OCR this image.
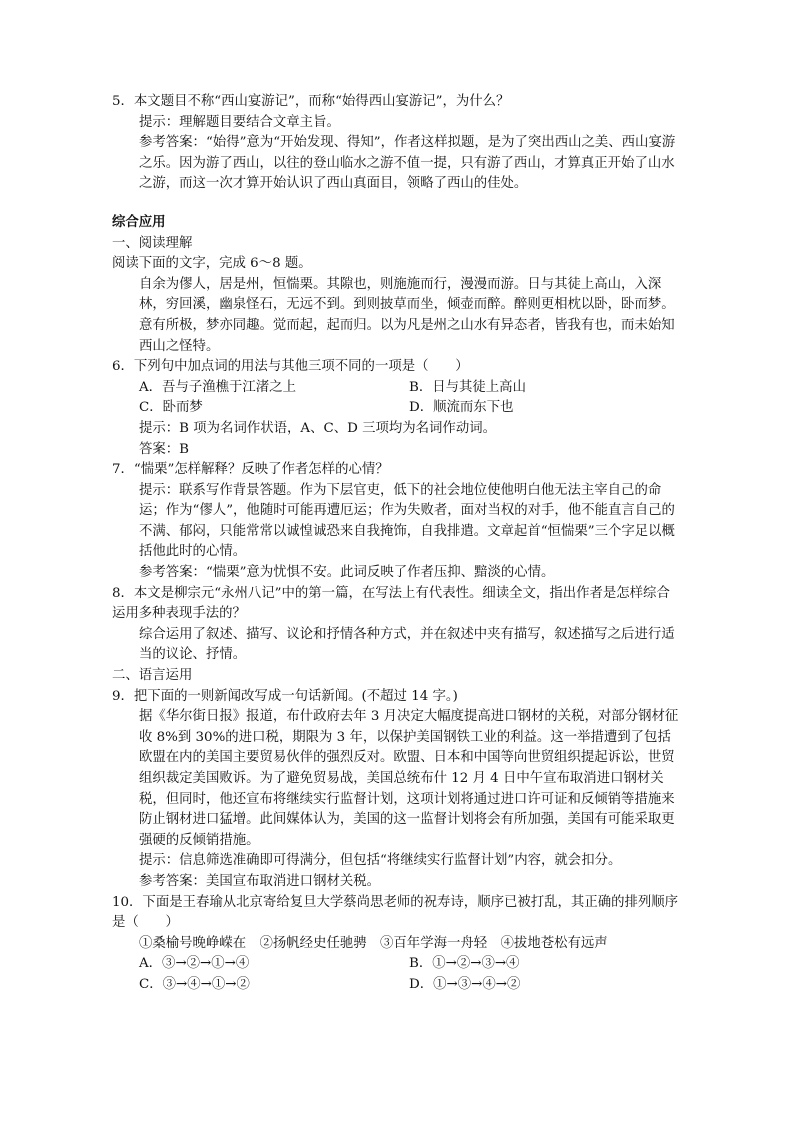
5．本文题目不称“西山宴游记”，而称“始得西山宴游记”，为什么？

提示：理解题目要结合文章主旨。

参考答案：“始得”意为“开始发现、得知”，作者这样拟题，是为了突出西山之美、西山宴游之乐。因为游了西山，以往的登山临水之游不值一提，只有游了西山，才算真正开始了山水之游，而这一次才算开始认识了西山真面目，领略了西山的佳处。

综合应用

一、阅读理解

阅读下面的文字，完成 6～8 题。

自余为僇人，居是州，恒惴栗。其隙也，则施施而行，漫漫而游。日与其徒上高山，入深林，穷回溪，幽泉怪石，无远不到。到则披草而坐，倾壶而醉。醉则更相枕以卧，卧而梦。意有所极，梦亦同趣。觉而起，起而归。以为凡是州之山水有异态者，皆我有也，而未始知西山之怪特。

6．下列句中加点词的用法与其他三项不同的一项是（　　）

A．吾与子渔樵于江渚之上	B．日与其徒上高山
C．卧而梦	D．顺流而东下也

提示：B 项为名词作状语，A、C、D 三项均为名词作动词。

答案：B

7．“惴栗”怎样解释？反映了作者怎样的心情？

提示：联系写作背景答题。作为下层官吏，低下的社会地位使他明白他无法主宰自己的命运；作为“僇人”，他随时可能再遭厄运；作为失败者，面对当权的对手，他不能直言自己的不满、郁闷，只能常常以诚惶诚恐来自我掩饰，自我排遣。文章起首“恒惴栗”三个字足以概括他此时的心情。

参考答案：“惴栗”意为忧惧不安。此词反映了作者压抑、黯淡的心情。

8．本文是柳宗元“永州八记”中的第一篇，在写法上有代表性。细读全文，指出作者是怎样综合运用多种表现手法的？

综合运用了叙述、描写、议论和抒情各种方式，并在叙述中夹有描写，叙述描写之后进行适当的议论、抒情。

二、语言运用

9．把下面的一则新闻改写成一句话新闻。(不超过 14 字。)

据《华尔街日报》报道，布什政府去年 3 月决定大幅度提高进口钢材的关税，对部分钢材征收 8%到 30%的进口税，期限为 3 年，以保护美国钢铁工业的利益。这一举措遭到了包括欧盟在内的美国主要贸易伙伴的强烈反对。欧盟、日本和中国等向世贸组织提起诉讼，世贸组织裁定美国败诉。为了避免贸易战，美国总统布什 12 月 4 日中午宣布取消进口钢材关税，但同时，他还宣布将继续实行监督计划，这项计划将通过进口许可证和反倾销等措施来防止钢材进口猛增。此间媒体认为，美国的这一监督计划将会有所加强，美国有可能采取更强硬的反倾销措施。

提示：信息筛选准确即可得满分，但包括“将继续实行监督计划”内容，就会扣分。

参考答案：美国宣布取消进口钢材关税。

10．下面是王春瑜从北京寄给复旦大学蔡尚思老师的祝寿诗，顺序已被打乱，其正确的排列顺序是（　　）

①桑榆号晚峥嵘在　②扬帆经史任驰骋　③百年学海一舟轻　④拔地苍松有远声

A．③→②→①→④	B．①→②→③→④
C．③→④→①→②	D．①→③→④→②
